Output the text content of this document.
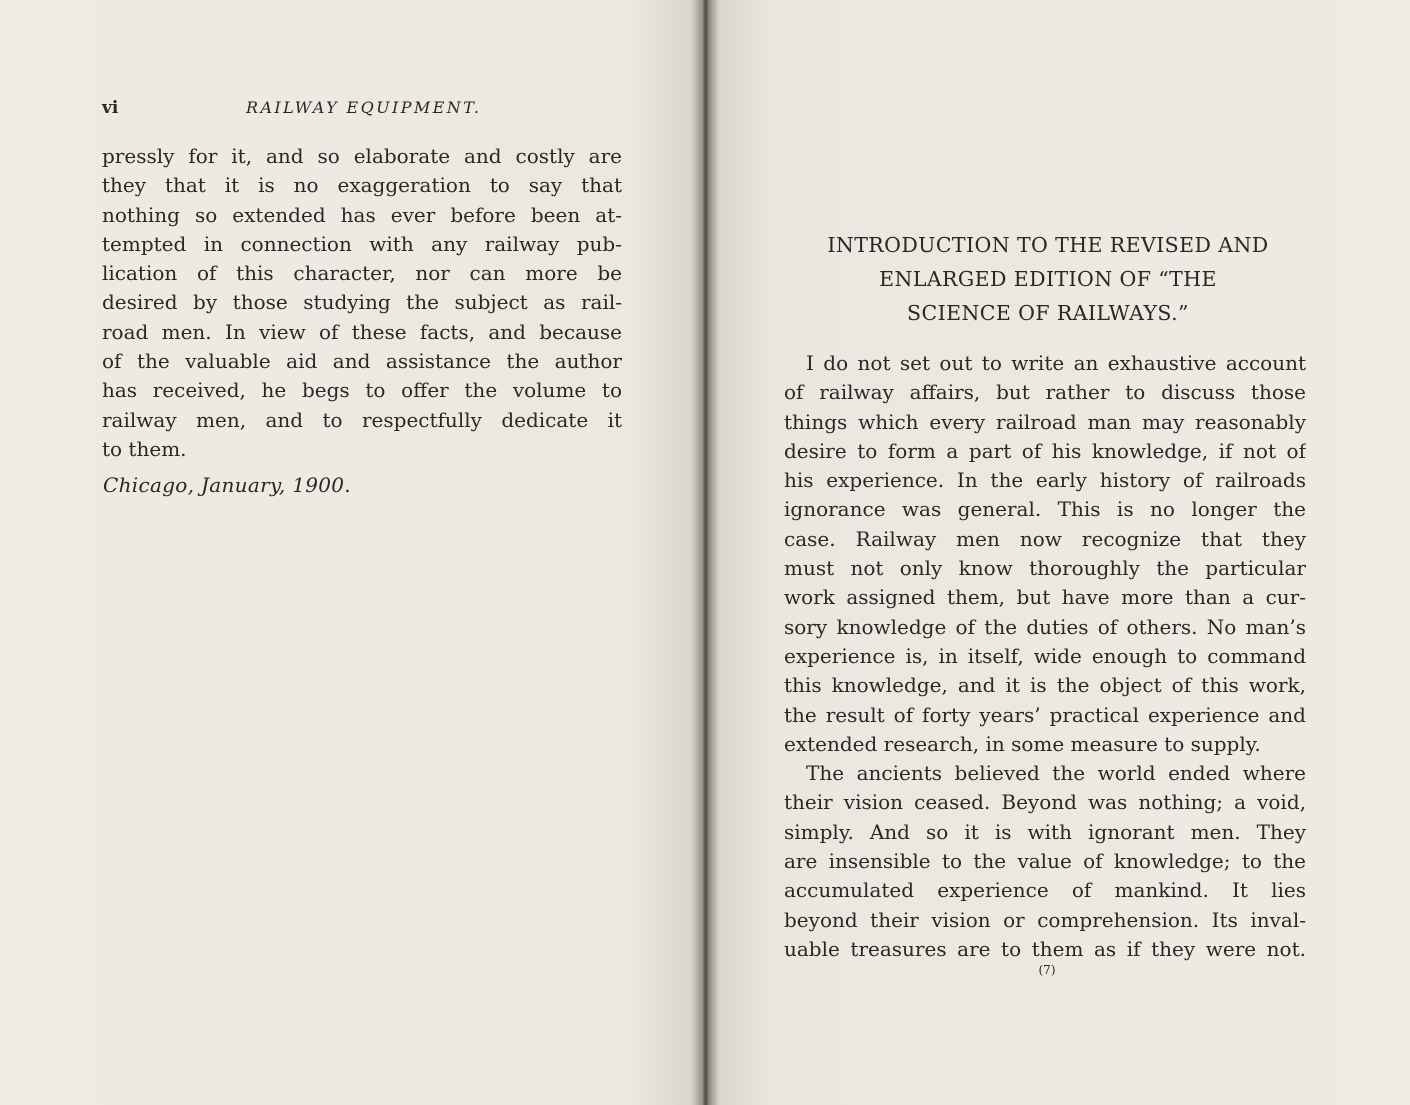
vi	RAILWAY EQUIPMENT.
pressly for it, and so elaborate and costly are
they that it is no exaggeration to say that
nothing so extended has ever before been at-
tempted in connection with any railway pub-
lication of this character, nor can more be
desired by those studying the subject as rail-
road men. In view of these facts, and because
of the valuable aid and assistance the author
has received, he begs to offer the volume to
railway men, and to respectfully dedicate it
to them.
Chicago, January, 1900.
INTRODUCTION TO THE REVISED AND
ENLARGED EDITION OF “THE
SCIENCE OF RAILWAYS.”
I do not set out to write an exhaustive account
of railway affairs, but rather to discuss those
things which every railroad man may reasonably
desire to form a part of his knowledge, if not of
his experience. In the early history of railroads
ignorance was general. This is no longer the
case. Railway men now recognize that they
must not only know thoroughly the particular
work assigned them, but have more than a cur-
sory knowledge of the duties of others. No man’s
experience is, in itself, wide enough to command
this knowledge, and it is the object of this work,
the result of forty years’ practical experience and
extended research, in some measure to supply.
The ancients believed the world ended where
their vision ceased. Beyond was nothing; a void,
simply. And so it is with ignorant men. They
are insensible to the value of knowledge; to the
accumulated experience of mankind. It lies
beyond their vision or comprehension. Its inval-
uable treasures are to them as if they were not.
(7)
